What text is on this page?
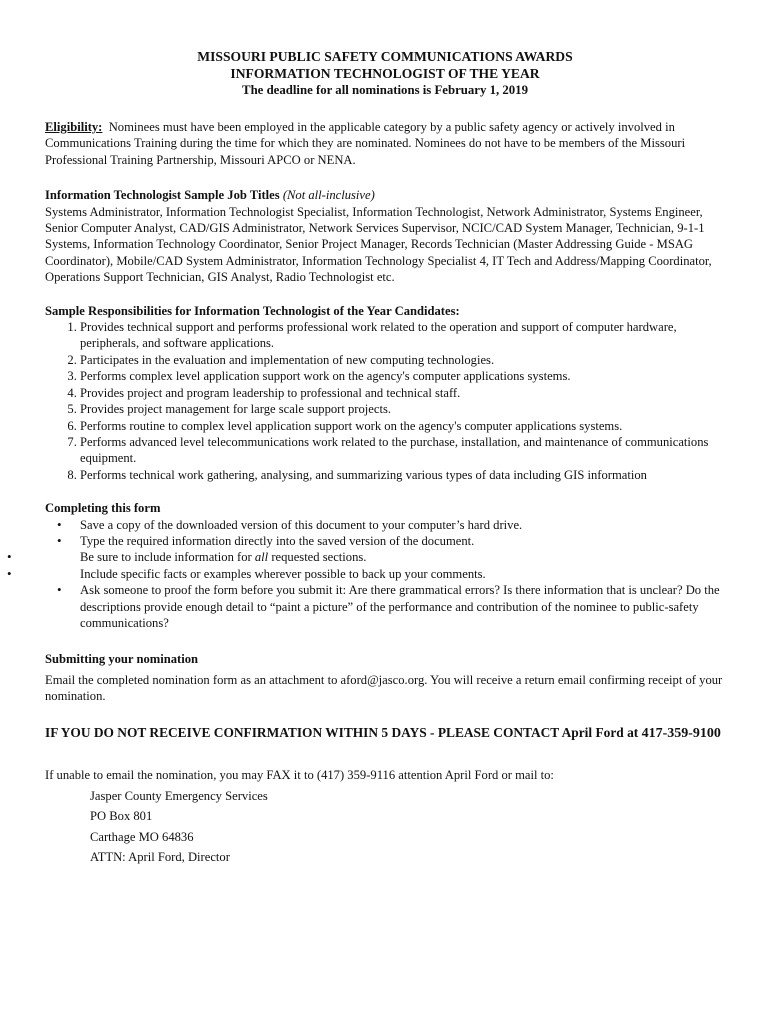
MISSOURI PUBLIC SAFETY COMMUNICATIONS AWARDS
INFORMATION TECHNOLOGIST OF THE YEAR
The deadline for all nominations is February 1, 2019

Eligibility: Nominees must have been employed in the applicable category by a public safety agency or actively involved in Communications Training during the time for which they are nominated. Nominees do not have to be members of the Missouri Professional Training Partnership, Missouri APCO or NENA.

Information Technologist Sample Job Titles (Not all-inclusive)
Systems Administrator, Information Technologist Specialist, Information Technologist, Network Administrator, Systems Engineer, Senior Computer Analyst, CAD/GIS Administrator, Network Services Supervisor, NCIC/CAD System Manager, Technician, 9-1-1 Systems, Information Technology Coordinator, Senior Project Manager, Records Technician (Master Addressing Guide - MSAG Coordinator), Mobile/CAD System Administrator, Information Technology Specialist 4, IT Tech and Address/Mapping Coordinator, Operations Support Technician, GIS Analyst, Radio Technologist etc.

Sample Responsibilities for Information Technologist of the Year Candidates:
1. Provides technical support and performs professional work related to the operation and support of computer hardware, peripherals, and software applications.
2. Participates in the evaluation and implementation of new computing technologies.
3. Performs complex level application support work on the agency's computer applications systems.
4. Provides project and program leadership to professional and technical staff.
5. Provides project management for large scale support projects.
6. Performs routine to complex level application support work on the agency's computer applications systems.
7. Performs advanced level telecommunications work related to the purchase, installation, and maintenance of communications equipment.
8. Performs technical work gathering, analysing, and summarizing various types of data including GIS information
Completing this form
• Save a copy of the downloaded version of this document to your computer’s hard drive.
• Type the required information directly into the saved version of the document.
•	Be sure to include information for all requested sections.
•	Include specific facts or examples wherever possible to back up your comments.
• Ask someone to proof the form before you submit it: Are there grammatical errors? Is there information that is unclear? Do the descriptions provide enough detail to “paint a picture” of the performance and contribution of the nominee to public-safety communications?
Submitting your nomination

Email the completed nomination form as an attachment to aford@jasco.org. You will receive a return email confirming receipt of your nomination.

IF YOU DO NOT RECEIVE CONFIRMATION WITHIN 5 DAYS - PLEASE CONTACT April Ford at 417-359-9100

If unable to email the nomination, you may FAX it to (417) 359-9116 attention April Ford or mail to:

Jasper County Emergency Services
PO Box 801
Carthage MO 64836
ATTN: April Ford, Director
